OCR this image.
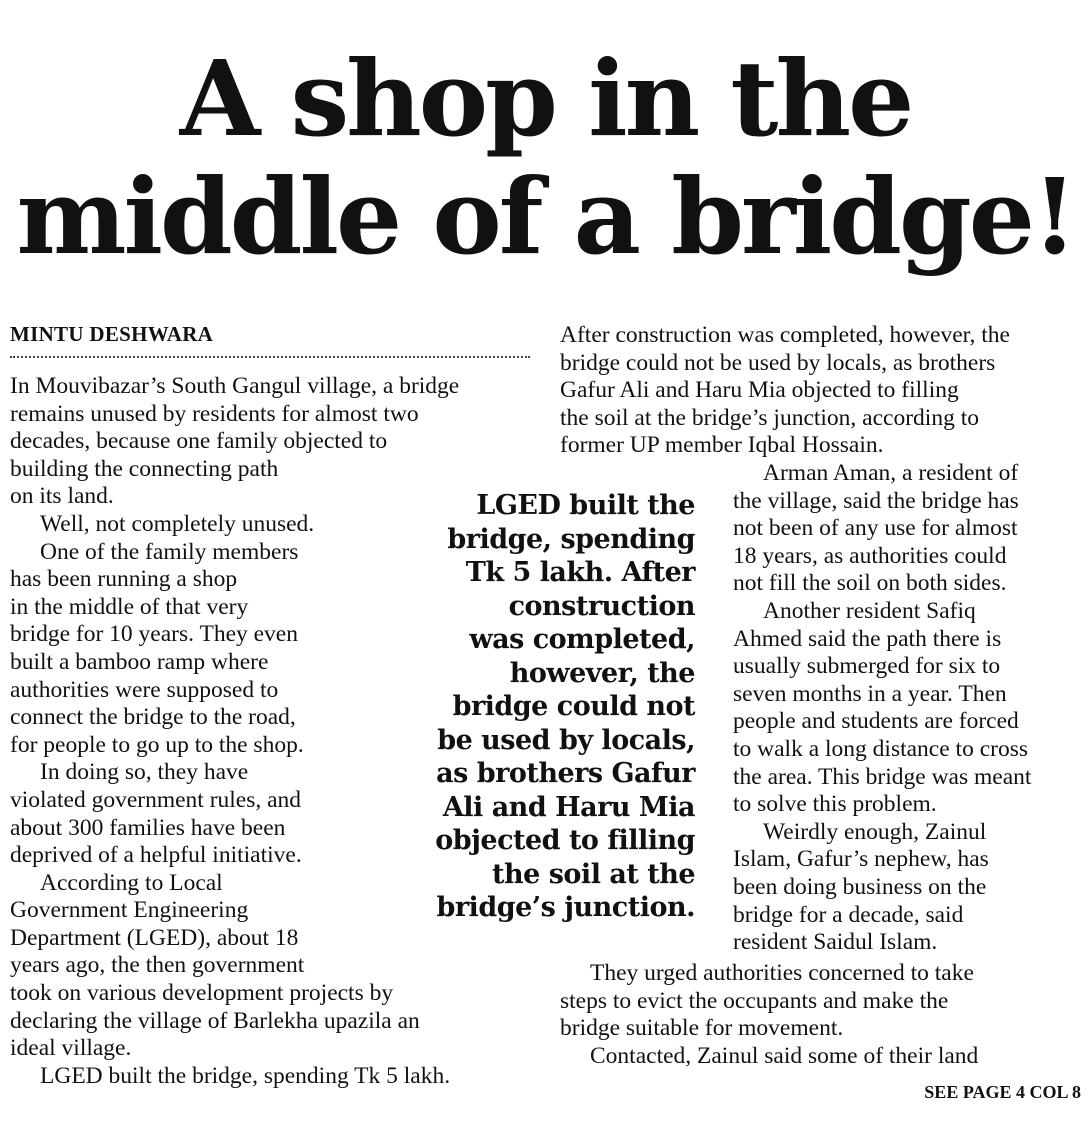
A shop in the
middle of a bridge!
MINTU DESHWARA
In Mouvibazar’s South Gangul village, a bridge
remains unused by residents for almost two
decades, because one family objected to
building the connecting path
on its land.
Well, not completely unused.
One of the family members
has been running a shop
in the middle of that very
bridge for 10 years. They even
built a bamboo ramp where
authorities were supposed to
connect the bridge to the road,
for people to go up to the shop.
In doing so, they have
violated government rules, and
about 300 families have been
deprived of a helpful initiative.
According to Local
Government Engineering
Department (LGED), about 18
years ago, the then government
took on various development projects by
declaring the village of Barlekha upazila an
ideal village.
LGED built the bridge, spending Tk 5 lakh.
LGED built the
bridge, spending
Tk 5 lakh. After
construction
was completed,
however, the
bridge could not
be used by locals,
as brothers Gafur
Ali and Haru Mia
objected to filling
the soil at the
bridge’s junction.
After construction was completed, however, the
bridge could not be used by locals, as brothers
Gafur Ali and Haru Mia objected to filling
the soil at the bridge’s junction, according to
former UP member Iqbal Hossain.
Arman Aman, a resident of
the village, said the bridge has
not been of any use for almost
18 years, as authorities could
not fill the soil on both sides.
Another resident Safiq
Ahmed said the path there is
usually submerged for six to
seven months in a year. Then
people and students are forced
to walk a long distance to cross
the area. This bridge was meant
to solve this problem.
Weirdly enough, Zainul
Islam, Gafur’s nephew, has
been doing business on the
bridge for a decade, said
resident Saidul Islam.
They urged authorities concerned to take
steps to evict the occupants and make the
bridge suitable for movement.
Contacted, Zainul said some of their land
SEE PAGE 4 COL 8
